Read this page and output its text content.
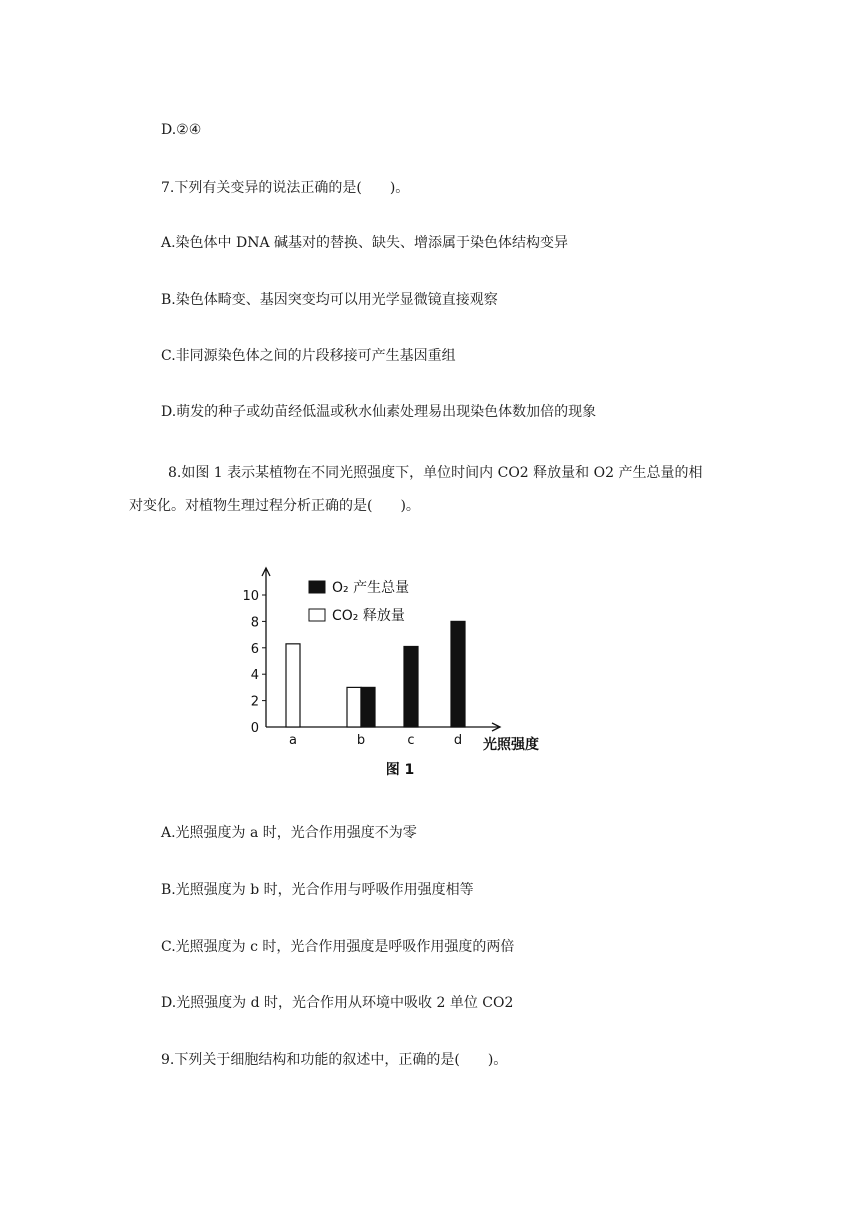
D.②④
7.下列有关变异的说法正确的是(　　)。
A.染色体中 DNA 碱基对的替换、缺失、增添属于染色体结构变异
B.染色体畸变、基因突变均可以用光学显微镜直接观察
C.非同源染色体之间的片段移接可产生基因重组
D.萌发的种子或幼苗经低温或秋水仙素处理易出现染色体数加倍的现象
8.如图 1 表示某植物在不同光照强度下，单位时间内 CO2 释放量和 O2 产生总量的相
对变化。对植物生理过程分析正确的是(　　)。
0
2
4
6
8
10
a	b	c	d
O₂ 产生总量
CO₂ 释放量
光照强度
图 1
A.光照强度为 a 时，光合作用强度不为零
B.光照强度为 b 时，光合作用与呼吸作用强度相等
C.光照强度为 c 时，光合作用强度是呼吸作用强度的两倍
D.光照强度为 d 时，光合作用从环境中吸收 2 单位 CO2
9.下列关于细胞结构和功能的叙述中，正确的是(　　)。
